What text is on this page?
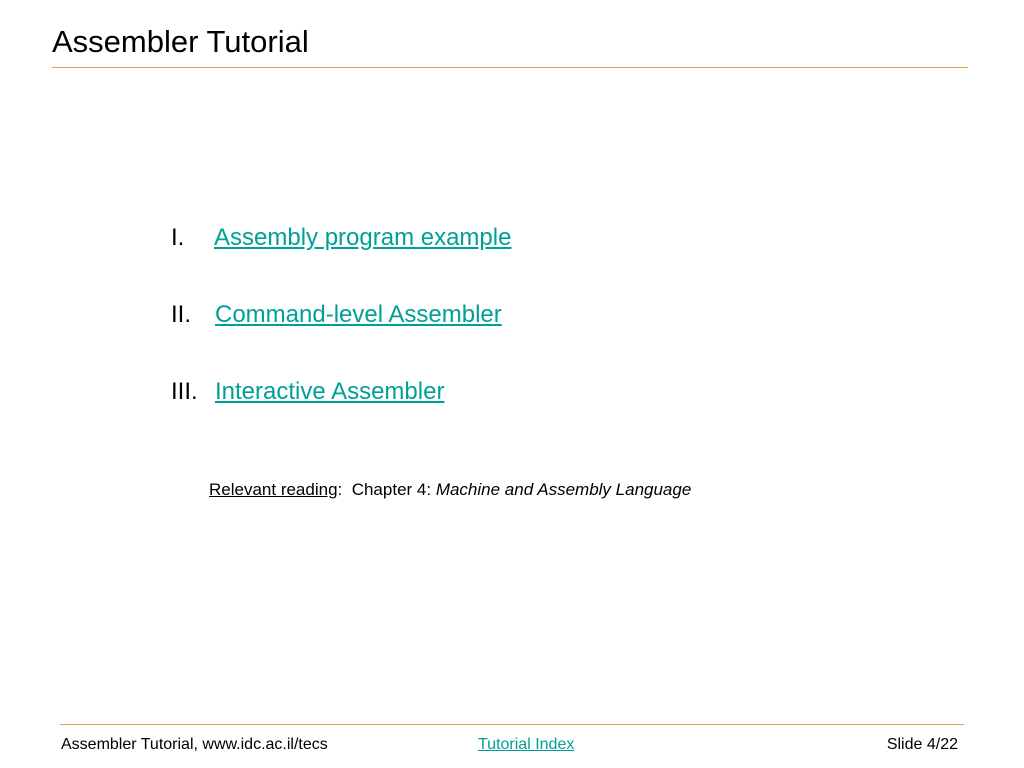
Assembler Tutorial
I. Assembly program example
II. Command-level Assembler
III. Interactive Assembler
Relevant reading:  Chapter 4: Machine and Assembly Language
Assembler Tutorial, www.idc.ac.il/tecs	Tutorial Index	Slide 4/22
